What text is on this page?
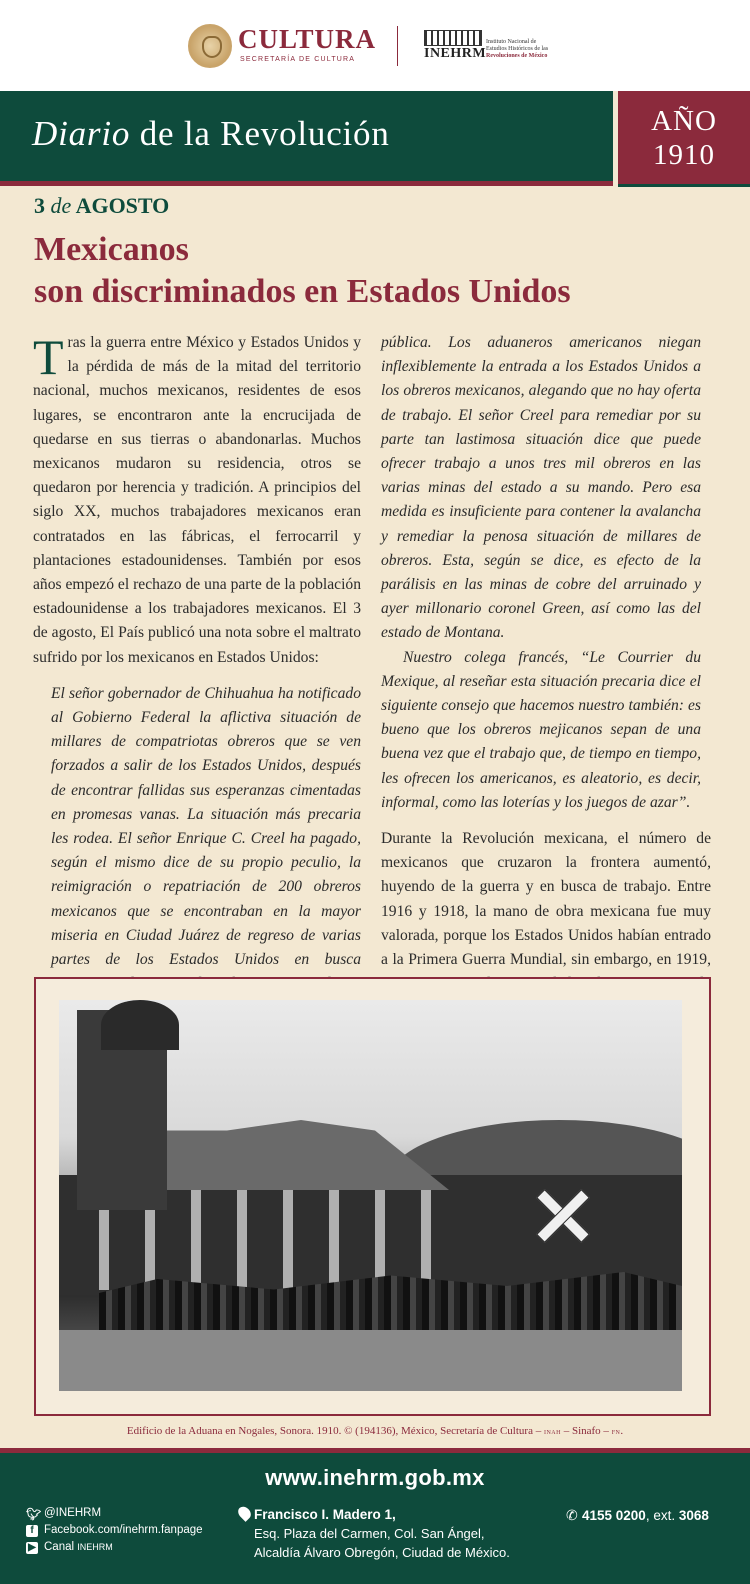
CULTURA
SECRETARÍA DE CULTURA	INEHRM
Instituto Nacional de
Estudios Históricos de las
Revoluciones de México
Diario de la Revolución	AÑO
1910
3 de AGOSTO
Mexicanos
son discriminados en Estados Unidos

Tras la guerra entre México y Estados Unidos y la pérdida de más de la mitad del territorio nacional, muchos mexicanos, residentes de esos lugares, se encontraron ante la encrucijada de quedarse en sus tierras o abandonarlas. Muchos mexicanos mudaron su residencia, otros se quedaron por herencia y tradición. A principios del siglo XX, muchos trabajadores mexicanos eran contratados en las fábricas, el ferrocarril y plantaciones estadounidenses. También por esos años empezó el rechazo de una parte de la población estadounidense a los trabajadores mexicanos. El 3 de agosto, El País publicó una nota sobre el maltrato sufrido por los mexicanos en Estados Unidos:

El señor gobernador de Chihuahua ha notificado al Gobierno Federal la aflictiva situación de millares de compatriotas obreros que se ven forzados a salir de los Estados Unidos, después de encontrar fallidas sus esperanzas cimentadas en promesas vanas. La situación más precaria les rodea. El señor Enrique C. Creel ha pagado, según el mismo dice de su propio peculio, la reimigración o repatriación de 200 obreros mexicanos que se encontraban en la mayor miseria en Ciudad Juárez de regreso de varias partes de los Estados Unidos en busca

pública. Los aduaneros americanos niegan inflexiblemente la entrada a los Estados Unidos a los obreros mexicanos, alegando que no hay oferta de trabajo. El señor Creel para remediar por su parte tan lastimosa situación dice que puede ofrecer trabajo a unos tres mil obreros en las varias minas del estado a su mando. Pero esa medida es insuficiente para contener la avalancha y remediar la penosa situación de millares de obreros. Esta, según se dice, es efecto de la parálisis en las minas de cobre del arruinado y ayer millonario coronel Green, así como las del estado de Montana.

Nuestro colega francés, “Le Courrier du Mexique, al reseñar esta situación precaria dice el siguiente consejo que hacemos nuestro también: es bueno que los obreros mejicanos sepan de una buena vez que el trabajo que, de tiempo en tiempo, les ofrecen los americanos, es aleatorio, es decir, informal, como las loterías y los juegos de azar”.

Durante la Revolución mexicana, el número de mexicanos que cruzaron la frontera aumentó, huyendo de la guerra y en busca de trabajo. Entre 1916 y 1918, la mano de obra mexicana fue muy valorada, porque los Estados Unidos habían entrado a la Primera Guerra Mundial, sin embargo, en 1919,

Edificio de la Aduana en Nogales, Sonora. 1910. © (194136), México, Secretaría de Cultura – inah – Sinafo – fn.
www.inehrm.gob.mx
🐦︎ @INEHRM
f Facebook.com/inehrm.fanpage
▶ Canal INEHRM
Francisco I. Madero 1,
Esq. Plaza del Carmen, Col. San Ángel,
Alcaldía Álvaro Obregón, Ciudad de México.
✆ 4155 0200, ext. 3068
